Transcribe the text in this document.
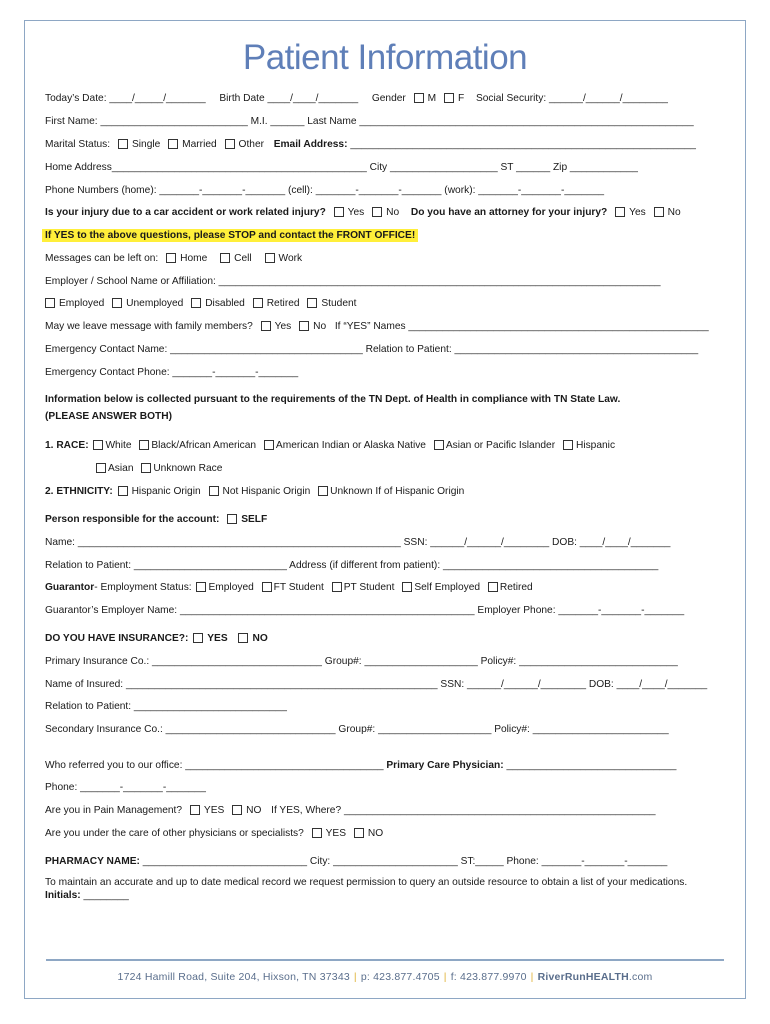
Patient Information
Today’s Date: ____/_____/_______ Birth Date ____/____/_______ Gender M F Social Security: ______/______/________
First Name: __________________________ M.I. ______ Last Name ___________________________________________________________
Marital Status: Single Married Other Email Address: _____________________________________________________________
Home Address_____________________________________________ City ___________________ ST ______ Zip ____________
Phone Numbers (home): _______-_______-_______ (cell): _______-_______-_______ (work): _______-_______-_______
Is your injury due to a car accident or work related injury? Yes No Do you have an attorney for your injury? Yes No
If YES to the above questions, please STOP and contact the FRONT OFFICE!
Messages can be left on: Home	Cell	Work
Employer / School Name or Affiliation: ______________________________________________________________________________
Employed Unemployed Disabled Retired Student
May we leave message with family members? Yes No If “YES” Names _____________________________________________________
Emergency Contact Name: __________________________________ Relation to Patient: ___________________________________________
Emergency Contact Phone: _______-_______-_______
Information below is collected pursuant to the requirements of the TN Dept. of Health in compliance with TN State Law.
(PLEASE ANSWER BOTH)
1. RACE: White Black/African American American Indian or Alaska Native Asian or Pacific Islander Hispanic
Asian Unknown Race
2. ETHNICITY: Hispanic Origin Not Hispanic Origin Unknown If of Hispanic Origin
Person responsible for the account: SELF
Name: _________________________________________________________ SSN: ______/______/________ DOB: ____/____/_______
Relation to Patient: ___________________________ Address (if different from patient): ______________________________________
Guarantor- Employment Status: Employed FT Student PT Student Self Employed Retired
Guarantor’s Employer Name: ____________________________________________________ Employer Phone: _______-_______-_______
DO YOU HAVE INSURANCE?: YES NO
Primary Insurance Co.: ______________________________ Group#: ____________________ Policy#: ____________________________
Name of Insured: _______________________________________________________ SSN: ______/______/________ DOB: ____/____/_______
Relation to Patient: ___________________________
Secondary Insurance Co.: ______________________________ Group#: ____________________ Policy#: ________________________
Who referred you to our office: ___________________________________ Primary Care Physician: ______________________________
Phone: _______-_______-_______
Are you in Pain Management? YES NO If YES, Where? _______________________________________________________
Are you under the care of other physicians or specialists? YES NO
PHARMACY NAME: _____________________________ City: ______________________ ST:_____ Phone: _______-_______-_______
To maintain an accurate and up to date medical record we request permission to query an outside resource to obtain a list of your medications. Initials: ________
1724 Hamill Road, Suite 204, Hixson, TN 37343 | p: 423.877.4705 | f: 423.877.9970 | RiverRunHEALTH.com
